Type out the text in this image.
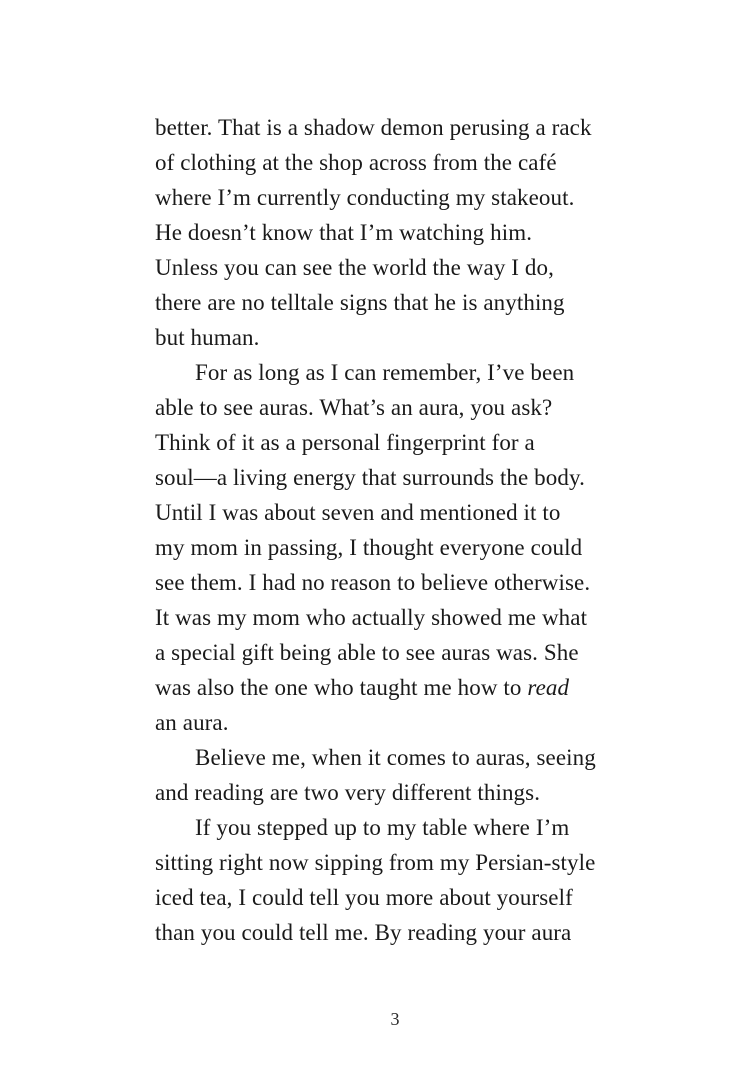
better. That is a shadow demon perusing a rack
of clothing at the shop across from the café
where I’m currently conducting my stakeout.
He doesn’t know that I’m watching him.
Unless you can see the world the way I do,
there are no telltale signs that he is anything
but human.
For as long as I can remember, I’ve been
able to see auras. What’s an aura, you ask?
Think of it as a personal fingerprint for a
soul—a living energy that surrounds the body.
Until I was about seven and mentioned it to
my mom in passing, I thought everyone could
see them. I had no reason to believe otherwise.
It was my mom who actually showed me what
a special gift being able to see auras was. She
was also the one who taught me how to read
an aura.
Believe me, when it comes to auras, seeing
and reading are two very different things.
If you stepped up to my table where I’m
sitting right now sipping from my Persian-style
iced tea, I could tell you more about yourself
than you could tell me. By reading your aura
3
